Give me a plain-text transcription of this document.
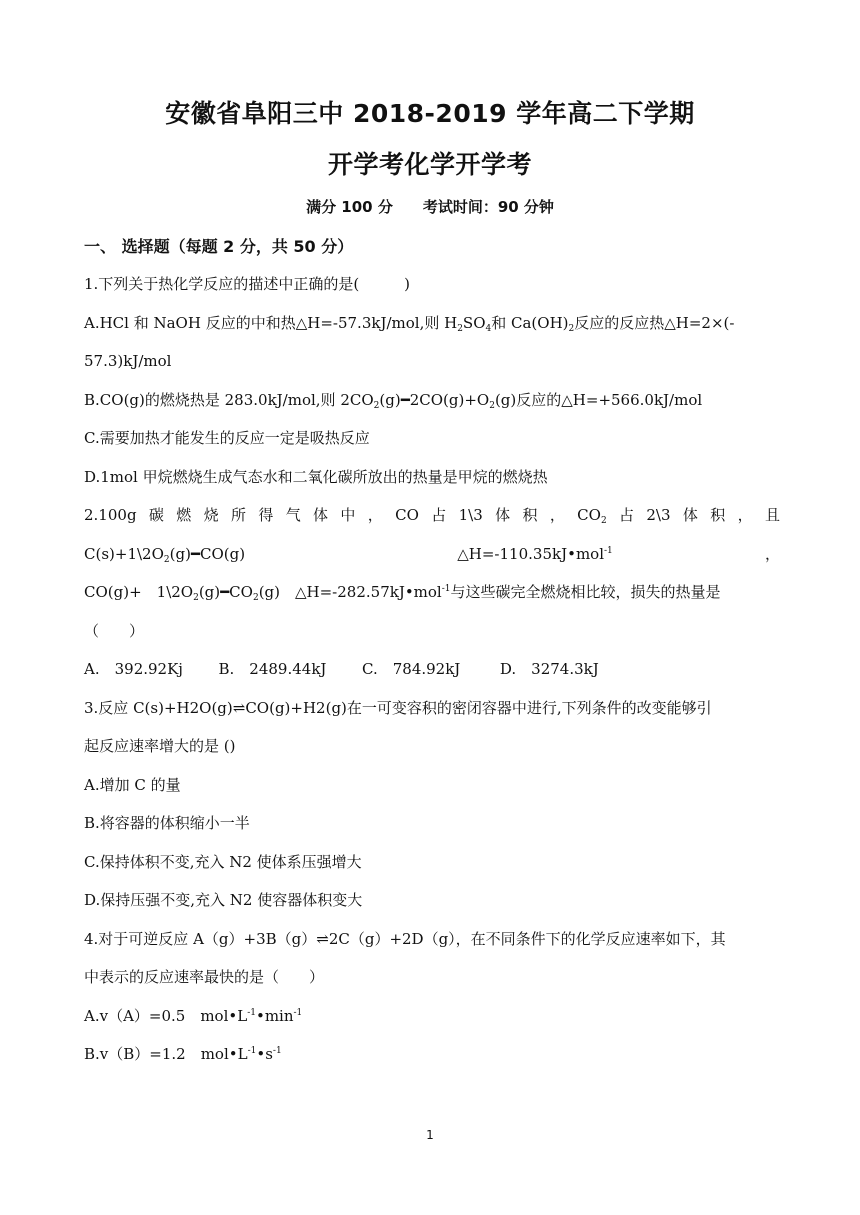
安徽省阜阳三中 2018-2019 学年高二下学期
开学考化学开学考
满分 100 分 考试时间：90 分钟
一、 选择题（每题 2 分，共 50 分）
1.下列关于热化学反应的描述中正确的是(　　　)
A.HCl 和 NaOH 反应的中和热△H=-57.3kJ/mol,则 $H_2SO_4$和 $Ca(OH)_2$反应的反应热△H=2×(-
57.3)kJ/mol
B.CO(g)的燃烧热是 283.0kJ/mol,则 $2CO_2(g)━2CO(g)+O_2(g)$反应的△H=+566.0kJ/mol
C.需要加热才能发生的反应一定是吸热反应
D.1mol 甲烷燃烧生成气态水和二氧化碳所放出的热量是甲烷的燃烧热
2.100g 碳 燃 烧 所 得 气 体 中 ， CO 占 1\3 体 积 ， $CO_2$ 占 2\3 体 积 ， 且
$C(s)+1\backslash 2O_2(g)━CO(g)$	△H=-110.35kJ•mol$^{-1}$	，
CO(g)+　$1\backslash 2O_2(g)━CO_2(g)$　△H=-282.57kJ•mol$^{-1}$与这些碳完全燃烧相比较，损失的热量是
（　　）
A.　392.92Kj B.　2489.44kJ C.　784.92kJ	D.　3274.3kJ
3.反应 C(s)+H2O(g)⇌CO(g)+H2(g)在一可变容积的密闭容器中进行,下列条件的改变能够引
起反应速率增大的是 ()
A.增加 C 的量
B.将容器的体积缩小一半
C.保持体积不变,充入 N2 使体系压强增大
D.保持压强不变,充入 N2 使容器体积变大
4.对于可逆反应 A（g）+3B（g）⇌2C（g）+2D（g），在不同条件下的化学反应速率如下，其
中表示的反应速率最快的是（　　）
A.v（A）=0.5　$mol•L^{-1}•\min^{-1}$
B.v（B）=1.2　$mol•L^{-1}•s^{-1}$
1
